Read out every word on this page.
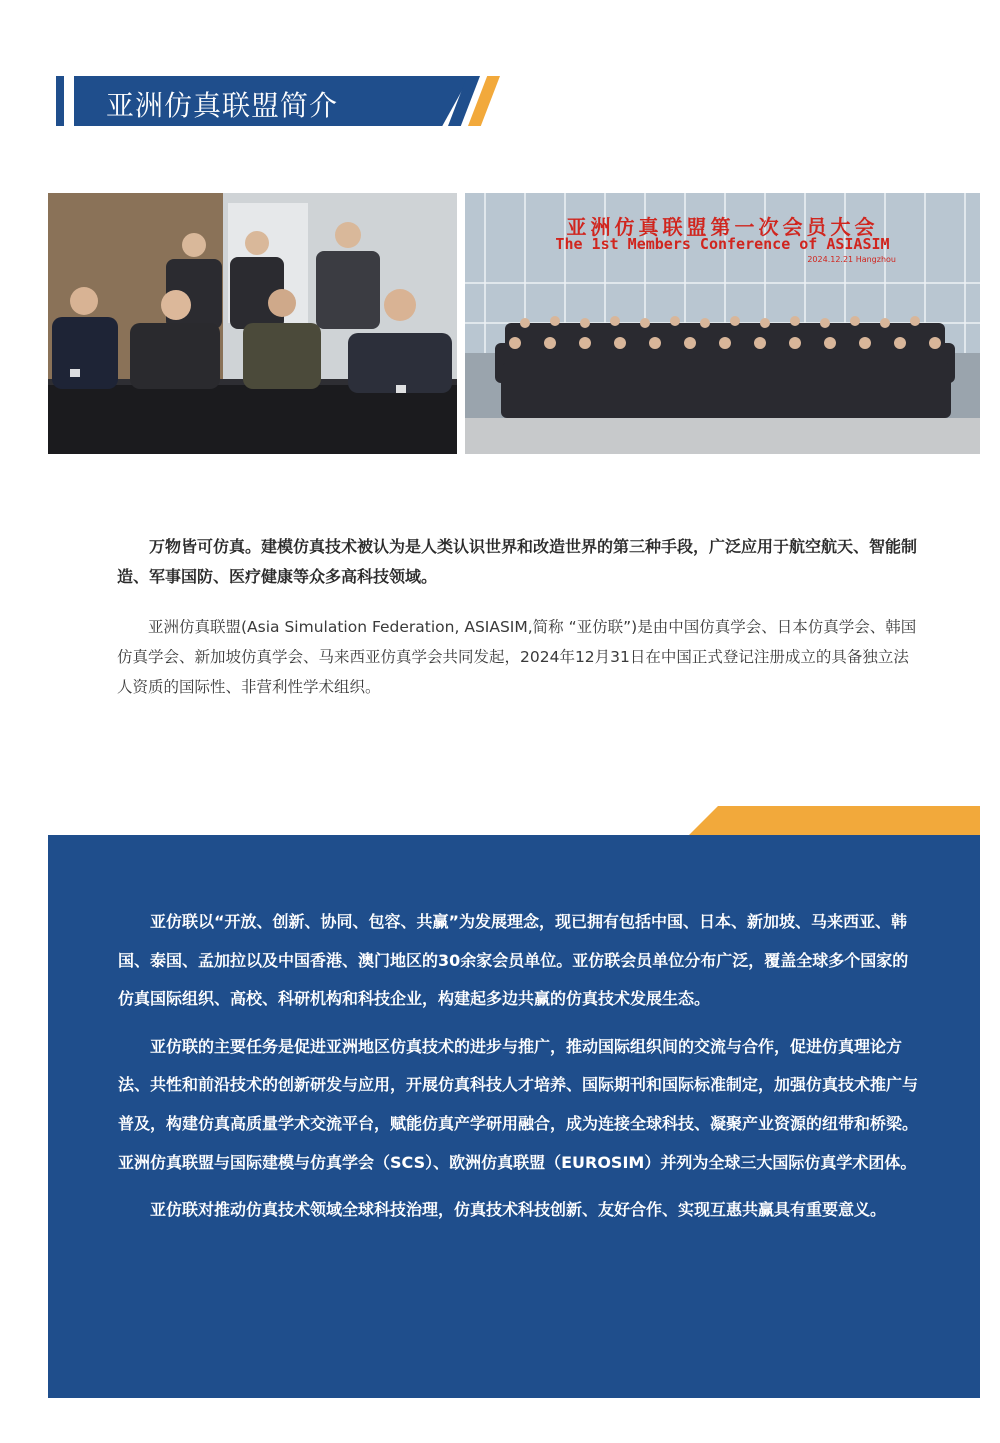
亚洲仿真联盟简介
亚洲仿真联盟第一次会员大会
The 1st Members Conference of ASIASIM
2024.12.21 Hangzhou

万物皆可仿真。建模仿真技术被认为是人类认识世界和改造世界的第三种手段，广泛应用于航空航天、智能制造、军事国防、医疗健康等众多高科技领域。

亚洲仿真联盟(Asia Simulation Federation, ASIASIM,简称 “亚仿联”)是由中国仿真学会、日本仿真学会、韩国仿真学会、新加坡仿真学会、马来西亚仿真学会共同发起，2024年12月31日在中国正式登记注册成立的具备独立法人资质的国际性、非营利性学术组织。

亚仿联以“开放、创新、协同、包容、共赢”为发展理念，现已拥有包括中国、日本、新加坡、马来西亚、韩国、泰国、孟加拉以及中国香港、澳门地区的30余家会员单位。亚仿联会员单位分布广泛，覆盖全球多个国家的仿真国际组织、高校、科研机构和科技企业，构建起多边共赢的仿真技术发展生态。

亚仿联的主要任务是促进亚洲地区仿真技术的进步与推广，推动国际组织间的交流与合作，促进仿真理论方法、共性和前沿技术的创新研发与应用，开展仿真科技人才培养、国际期刊和国际标准制定，加强仿真技术推广与普及，构建仿真高质量学术交流平台，赋能仿真产学研用融合，成为连接全球科技、凝聚产业资源的纽带和桥梁。亚洲仿真联盟与国际建模与仿真学会（SCS）、欧洲仿真联盟（EUROSIM）并列为全球三大国际仿真学术团体。

亚仿联对推动仿真技术领域全球科技治理，仿真技术科技创新、友好合作、实现互惠共赢具有重要意义。
